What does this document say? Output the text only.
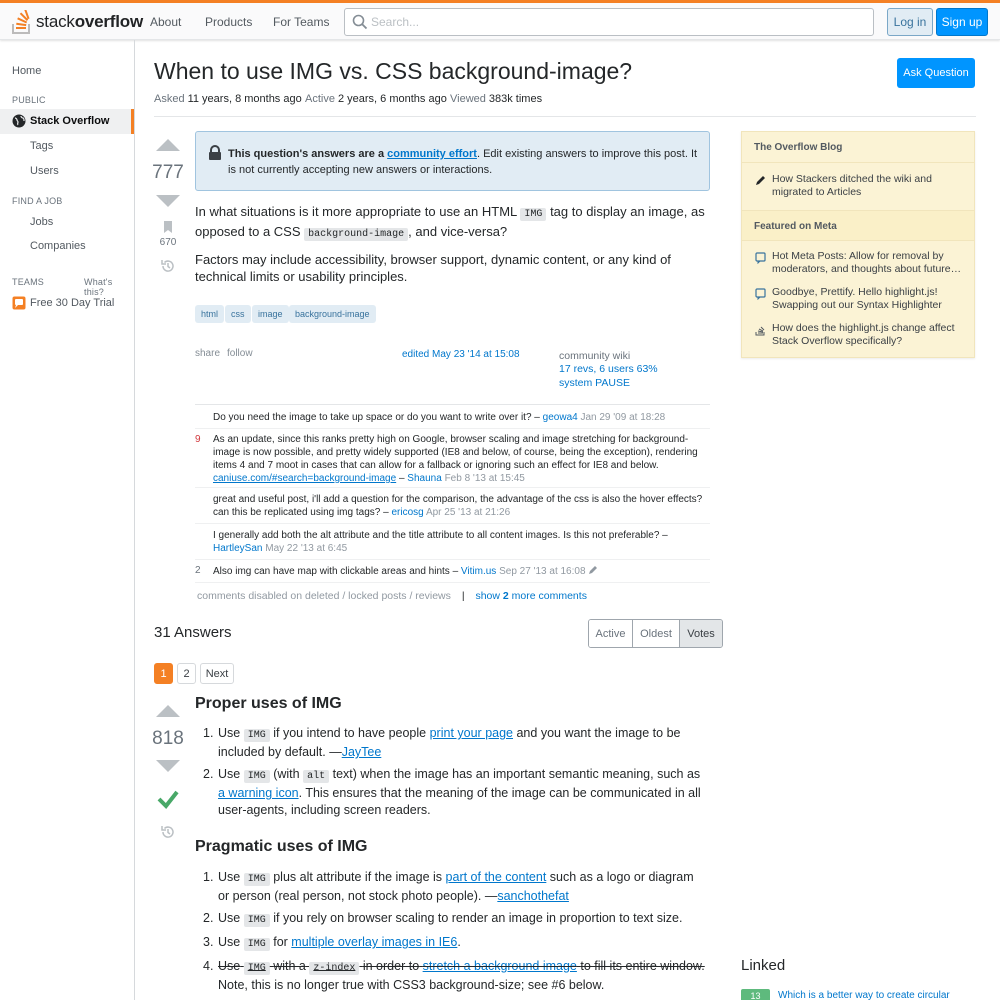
stackoverflow About Products For Teams
Search...	Log in	Sign up
Home
PUBLIC
Stack Overflow
Tags
Users
FIND A JOB
Jobs
Companies
TEAMS	What's this?
Free 30 Day Trial
When to use IMG vs. CSS background-image?	Ask Question
Asked 11 years, 8 months ago Active 2 years, 6 months ago Viewed 383k times
777
670
This question's answers are a community effort. Edit existing answers to improve this post. It is not currently accepting new answers or interactions.
In what situations is it more appropriate to use an HTML IMG tag to display an image, as opposed to a CSS background-image , and vice-versa?
Factors may include accessibility, browser support, dynamic content, or any kind of technical limits or usability principles.
html	css	image	background-image
share follow	edited May 23 '14 at 15:08	community wiki
17 revs, 6 users 63%
system PAUSE
Do you need the image to take up space or do you want to write over it? – geowa4 Jan 29 '09 at 18:28
9 As an update, since this ranks pretty high on Google, browser scaling and image stretching for background-image is now possible, and pretty widely supported (IE8 and below, of course, being the exception), rendering items 4 and 7 moot in cases that can allow for a fallback or ignoring such an effect for IE8 and below. caniuse.com/#search=background-image – Shauna Feb 8 '13 at 15:45
great and useful post, i'll add a question for the comparison, the advantage of the css is also the hover effects? can this be replicated using img tags? – ericosg Apr 25 '13 at 21:26
I generally add both the alt attribute and the title attribute to all content images. Is this not preferable? – HartleySan May 22 '13 at 6:45
2 Also img can have map with clickable areas and hints – Vitim.us Sep 27 '13 at 16:08
comments disabled on deleted / locked posts / reviews | show 2 more comments
31 Answers	Active	Oldest	Votes
1	2	Next
818
Proper uses of IMG
1. Use IMG if you intend to have people print your page and you want the image to be included by default. —JayTee
2. Use IMG (with alt text) when the image has an important semantic meaning, such as a warning icon. This ensures that the meaning of the image can be communicated in all user-agents, including screen readers.
Pragmatic uses of IMG
1. Use IMG plus alt attribute if the image is part of the content such as a logo or diagram or person (real person, not stock photo people). —sanchothefat
2. Use IMG if you rely on browser scaling to render an image in proportion to text size.
3. Use IMG for multiple overlay images in IE6.
4. Use IMG with a z-index in order to stretch a background image to fill its entire window.
Note, this is no longer true with CSS3 background-size; see #6 below.
The Overflow Blog
How Stackers ditched the wiki and migrated to Articles
Featured on Meta
Hot Meta Posts: Allow for removal by moderators, and thoughts about future…
Goodbye, Prettify. Hello highlight.js! Swapping out our Syntax Highlighter
How does the highlight.js change affect Stack Overflow specifically?
Linked
13	Which is a better way to create circular
